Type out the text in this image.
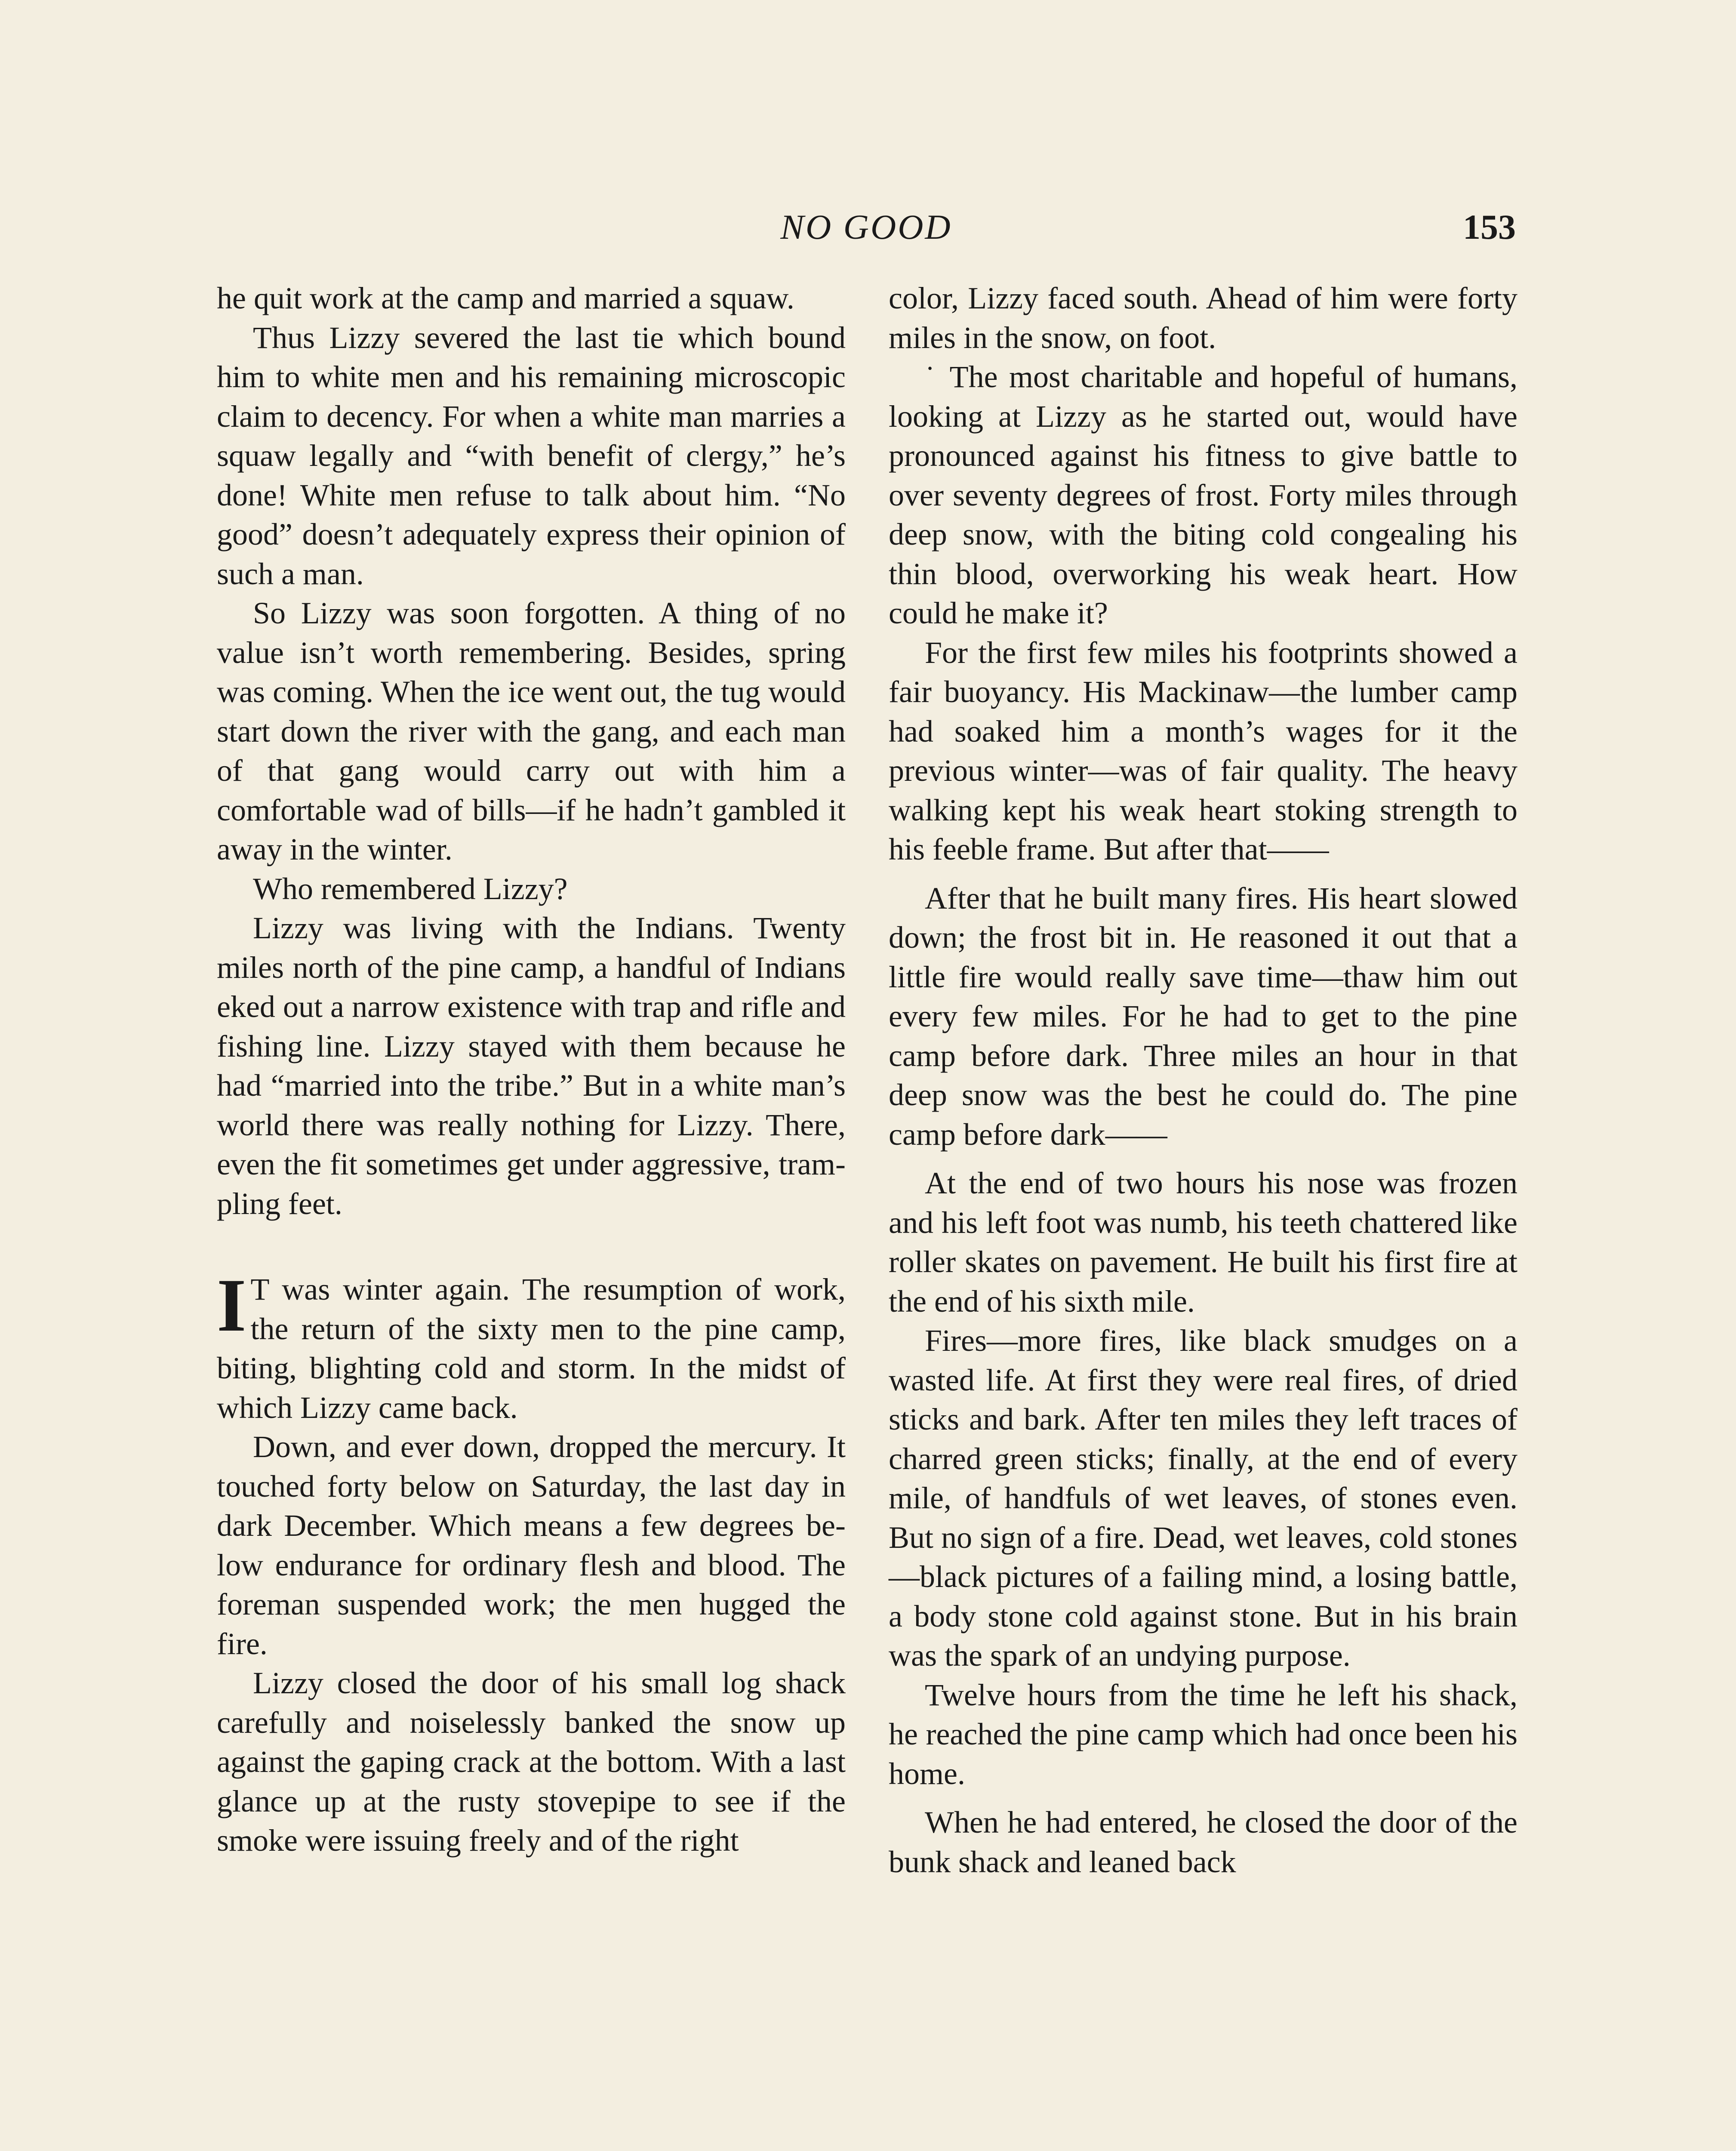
NO GOOD	153

he quit work at the camp and married a squaw.

Thus Lizzy severed the last tie which bound him to white men and his remaining microscopic claim to decency. For when a white man marries a squaw legally and “with benefit of clergy,” he’s done! White men refuse to talk about him. “No good” doesn’t adequately express their opinion of such a man.

So Lizzy was soon forgotten. A thing of no value isn’t worth remembering. Besides, spring was coming. When the ice went out, the tug would start down the river with the gang, and each man of that gang would carry out with him a comfortable wad of bills—if he hadn’t gambled it away in the winter.

Who remembered Lizzy?

Lizzy was living with the Indians. Twenty miles north of the pine camp, a handful of Indians eked out a narrow existence with trap and rifle and fishing line. Lizzy stayed with them because he had “married into the tribe.” But in a white man’s world there was really nothing for Lizzy. There, even the fit sometimes get under aggressive, trampling feet.

I T was winter again. The resumption of work, the return of the sixty men to the pine camp, biting, blighting cold and storm. In the midst of which Lizzy came back.

Down, and ever down, dropped the mercury. It touched forty below on Saturday, the last day in dark December. Which means a few degrees below endurance for ordinary flesh and blood. The foreman suspended work; the men hugged the fire.

Lizzy closed the door of his small log shack carefully and noiselessly banked the snow up against the gaping crack at the bottom. With a last glance up at the rusty stovepipe to see if the smoke were issuing freely and of the right

color, Lizzy faced south. Ahead of him were forty miles in the snow, on foot.

˙ The most charitable and hopeful of humans, looking at Lizzy as he started out, would have pronounced against his fitness to give battle to over seventy degrees of frost. Forty miles through deep snow, with the biting cold congealing his thin blood, overworking his weak heart. How could he make it?

For the first few miles his footprints showed a fair buoyancy. His Mackinaw—the lumber camp had soaked him a month’s wages for it the previous winter—was of fair quality. The heavy walking kept his weak heart stoking strength to his feeble frame. But after that——

After that he built many fires. His heart slowed down; the frost bit in. He reasoned it out that a little fire would really save time—thaw him out every few miles. For he had to get to the pine camp before dark. Three miles an hour in that deep snow was the best he could do. The pine camp before dark——

At the end of two hours his nose was frozen and his left foot was numb, his teeth chattered like roller skates on pavement. He built his first fire at the end of his sixth mile.

Fires—more fires, like black smudges on a wasted life. At first they were real fires, of dried sticks and bark. After ten miles they left traces of charred green sticks; finally, at the end of every mile, of handfuls of wet leaves, of stones even. But no sign of a fire. Dead, wet leaves, cold stones—black pictures of a failing mind, a losing battle, a body stone cold against stone. But in his brain was the spark of an undying purpose.

Twelve hours from the time he left his shack, he reached the pine camp which had once been his home.

When he had entered, he closed the door of the bunk shack and leaned back
